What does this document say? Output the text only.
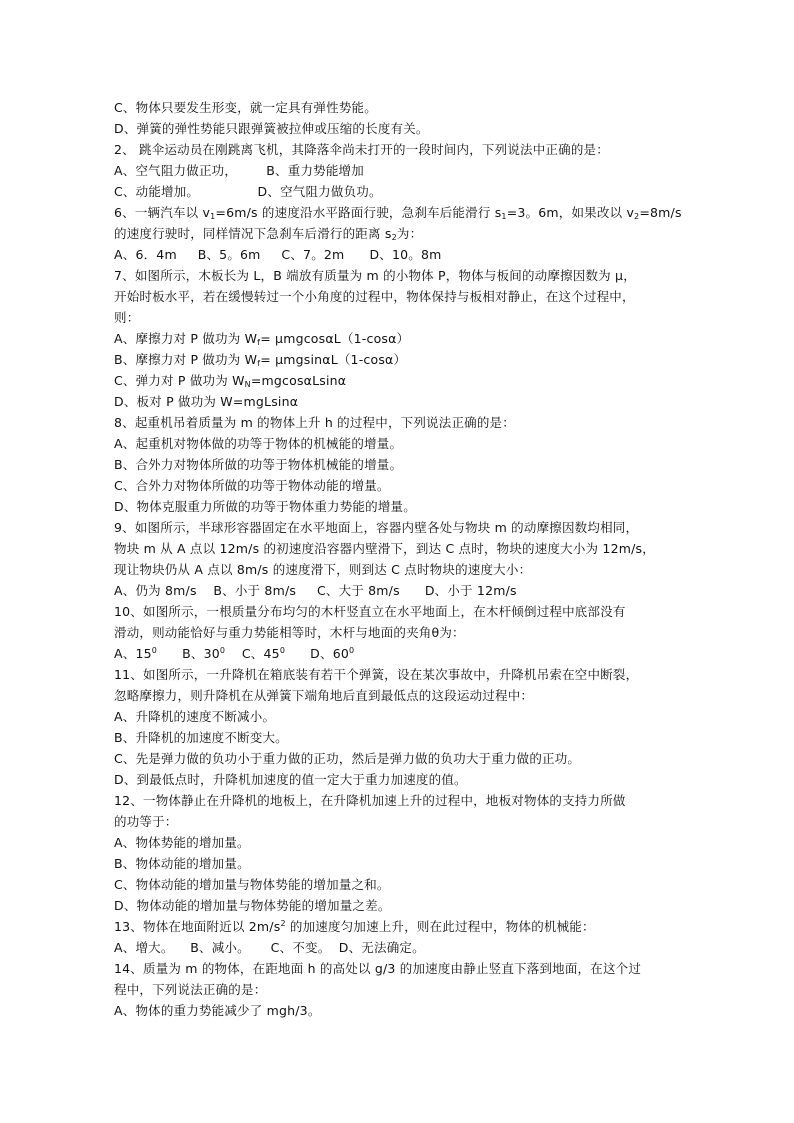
C、物体只要发生形变，就一定具有弹性势能。
D、弹簧的弹性势能只跟弹簧被拉伸或压缩的长度有关。
2、 跳伞运动员在刚跳离飞机，其降落伞尚未打开的一段时间内，下列说法中正确的是：
A、空气阻力做正功，       B、重力势能增加
C、动能增加。              D、空气阻力做负功。
6、一辆汽车以 $v_1=6m/s$ 的速度沿水平路面行驶，急刹车后能滑行 $s_1=3$。6m，如果改以 $v_2=8m/s$
的速度行驶时，同样情况下急刹车后滑行的距离 $s_2$为：
A、6．4m     B、5。6m     C、7。2m      D、10。8m
7、如图所示，木板长为 L，B 端放有质量为 m 的小物体 P，物体与板间的动摩擦因数为 μ，
开始时板水平，若在缓慢转过一个小角度的过程中，物体保持与板相对静止，在这个过程中，
则：
A、摩擦力对 P 做功为 $W_f= \mu mgcos\alpha L(1-\cos\alpha)$
B、摩擦力对 P 做功为 $W_f= \mu mgsin\alpha L(1-\cos\alpha)$
C、弹力对 P 做功为 $W_N=mgcos\alpha Lsin\alpha$
D、板对 P 做功为 W=mgLsinα
8、起重机吊着质量为 m 的物体上升 h 的过程中，下列说法正确的是：
A、起重机对物体做的功等于物体的机械能的增量。
B、合外力对物体所做的功等于物体机械能的增量。
C、合外力对物体所做的功等于物体动能的增量。
D、物体克服重力所做的功等于物体重力势能的增量。
9、如图所示，半球形容器固定在水平地面上，容器内壁各处与物块 m 的动摩擦因数均相同，
物块 m 从 A 点以 12m/s 的初速度沿容器内壁滑下，到达 C 点时，物块的速度大小为 12m/s，
现让物块仍从 A 点以 8m/s 的速度滑下，则到达 C 点时物块的速度大小：
A、仍为 8m/s    B、小于 8m/s     C、大于 8m/s      D、小于 12m/s
10、如图所示，一根质量分布均匀的木杆竖直立在水平地面上，在木杆倾倒过程中底部没有
滑动，则动能恰好与重力势能相等时，木杆与地面的夹角θ为：
A、$15^0$      B、$30^0$    C、$45^0$      D、$60^0$
11、如图所示，一升降机在箱底装有若干个弹簧，设在某次事故中，升降机吊索在空中断裂，
忽略摩擦力，则升降机在从弹簧下端角地后直到最低点的这段运动过程中：
A、升降机的速度不断减小。
B、升降机的加速度不断变大。
C、先是弹力做的负功小于重力做的正功，然后是弹力做的负功大于重力做的正功。
D、到最低点时，升降机加速度的值一定大于重力加速度的值。
12、一物体静止在升降机的地板上，在升降机加速上升的过程中，地板对物体的支持力所做
的功等于：
A、物体势能的增加量。
B、物体动能的增加量。
C、物体动能的增加量与物体势能的增加量之和。
D、物体动能的增加量与物体势能的增加量之差。
13、物体在地面附近以 $2m/s^2$ 的加速度匀加速上升，则在此过程中，物体的机械能：
A、增大。    B、减小。     C、不变。  D、无法确定。
14、质量为 m 的物体，在距地面 h 的高处以 g/3 的加速度由静止竖直下落到地面，在这个过
程中，下列说法正确的是：
A、物体的重力势能减少了 mgh/3。
